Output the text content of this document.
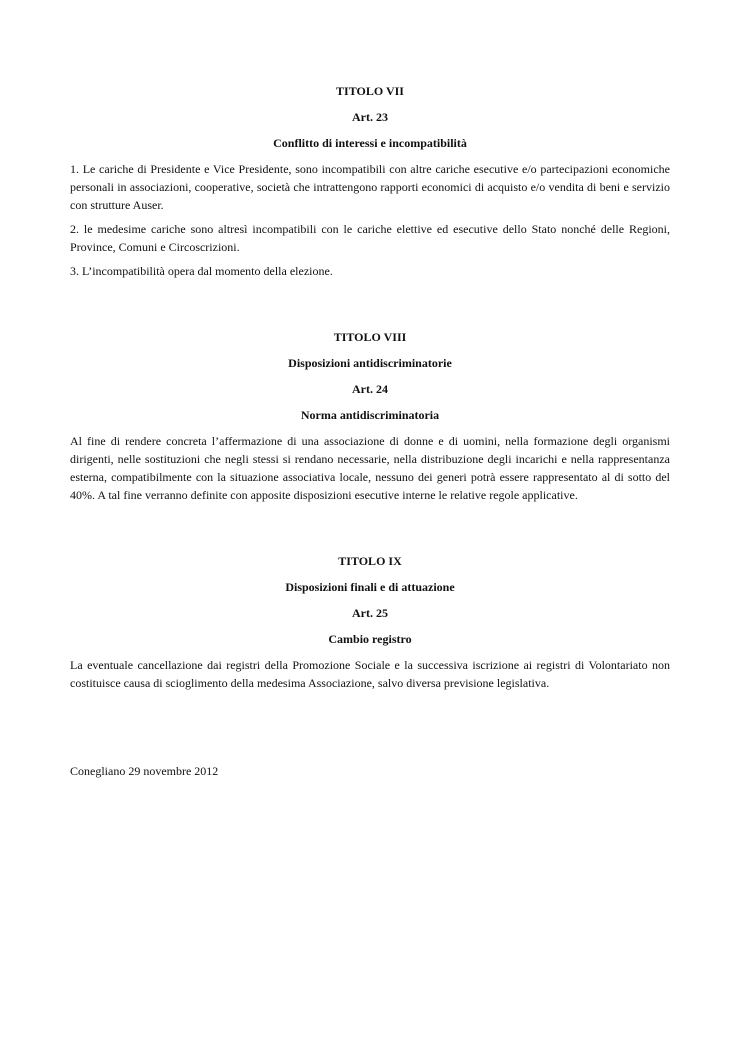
TITOLO VII
Art. 23
Conflitto di interessi e incompatibilità

1. Le cariche di Presidente e Vice Presidente, sono incompatibili con altre cariche esecutive e/o partecipazioni economiche personali in associazioni, cooperative, società che intrattengono rapporti economici di acquisto e/o vendita di beni e servizio con strutture Auser.

2. le medesime cariche sono altresì incompatibili con le cariche elettive ed esecutive dello Stato nonché delle Regioni, Province, Comuni e Circoscrizioni.

3. L’incompatibilità opera dal momento della elezione.

TITOLO VIII
Disposizioni antidiscriminatorie
Art. 24
Norma antidiscriminatoria

Al fine di rendere concreta l’affermazione di una associazione di donne e di uomini, nella formazione degli organismi dirigenti, nelle sostituzioni che negli stessi si rendano necessarie, nella distribuzione degli incarichi e nella rappresentanza esterna, compatibilmente con la situazione associativa locale, nessuno dei generi potrà essere rappresentato al di sotto del 40%. A tal fine verranno definite con apposite disposizioni esecutive interne le relative regole applicative.

TITOLO IX
Disposizioni finali e di attuazione
Art. 25
Cambio registro

La eventuale cancellazione dai registri della Promozione Sociale e la successiva iscrizione ai registri di Volontariato non costituisce causa di scioglimento della medesima Associazione, salvo diversa previsione legislativa.

Conegliano 29 novembre 2012
